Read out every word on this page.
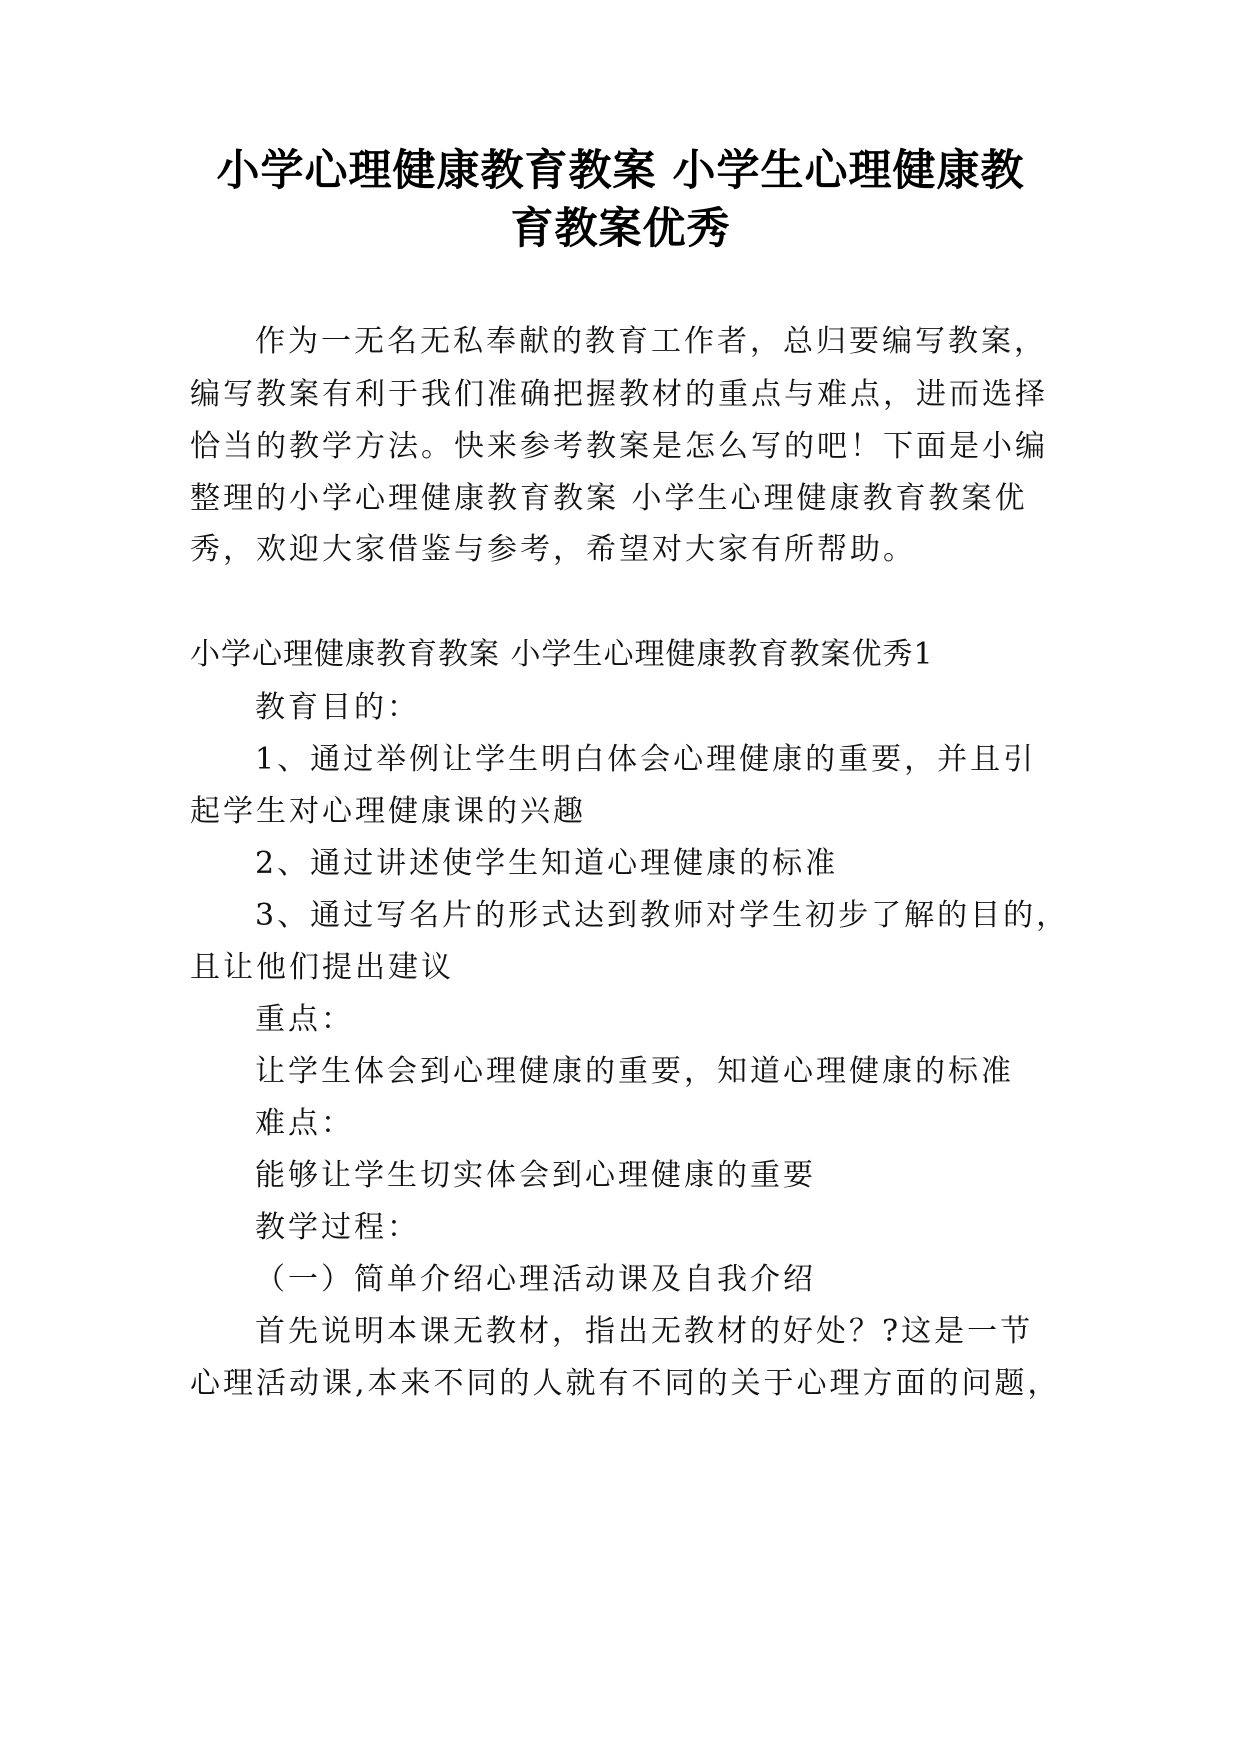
小学心理健康教育教案 小学生心理健康教
育教案优秀
作为一无名无私奉献的教育工作者，总归要编写教案，
编写教案有利于我们准确把握教材的重点与难点，进而选择
恰当的教学方法。快来参考教案是怎么写的吧！下面是小编
整理的小学心理健康教育教案 小学生心理健康教育教案优
秀，欢迎大家借鉴与参考，希望对大家有所帮助。
小学心理健康教育教案 小学生心理健康教育教案优秀1
教育目的：
1、通过举例让学生明白体会心理健康的重要，并且引
起学生对心理健康课的兴趣
2、通过讲述使学生知道心理健康的标准
3、通过写名片的形式达到教师对学生初步了解的目的，
且让他们提出建议
重点：
让学生体会到心理健康的重要，知道心理健康的标准
难点：
能够让学生切实体会到心理健康的重要
教学过程：
（一）简单介绍心理活动课及自我介绍
首先说明本课无教材，指出无教材的好处？?这是一节
心理活动课,本来不同的人就有不同的关于心理方面的问题，
